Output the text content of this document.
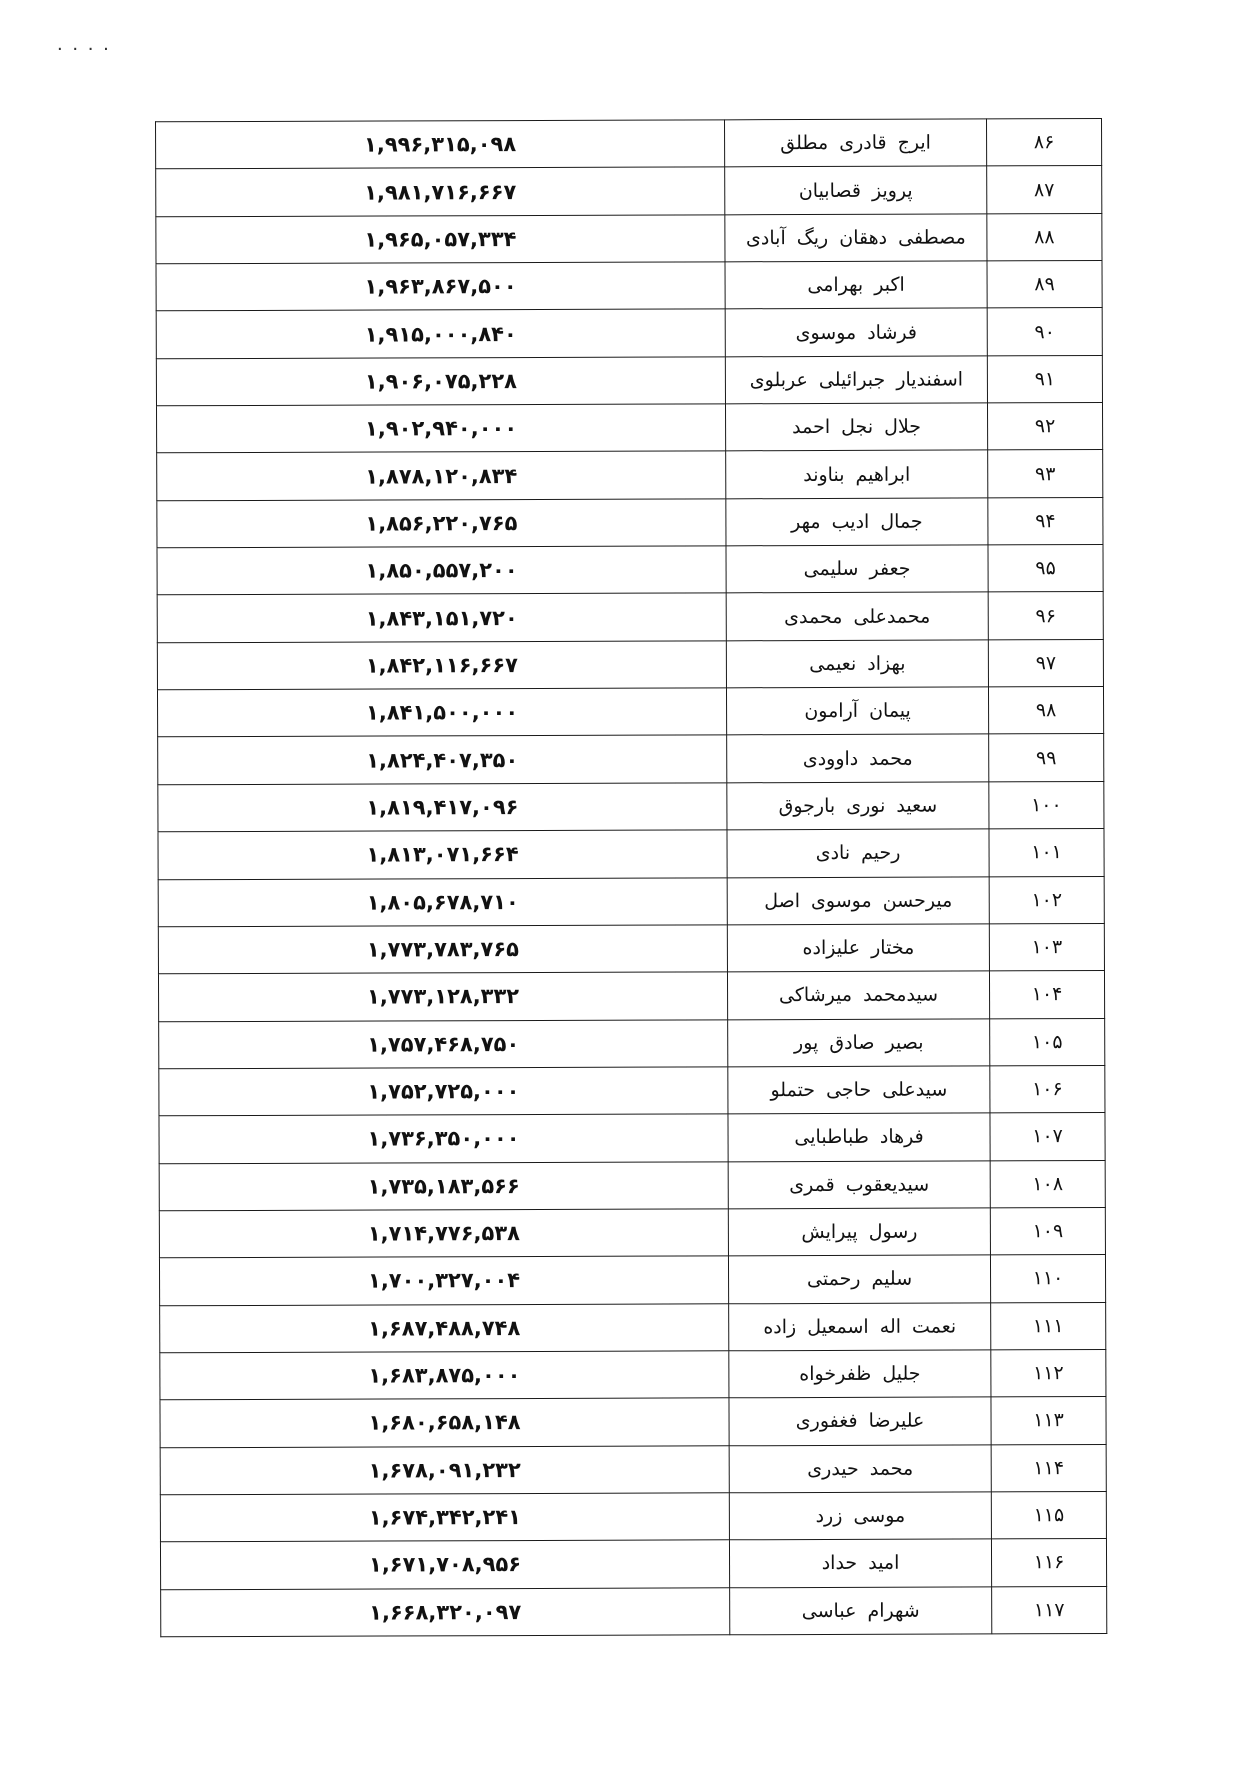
۰ ۰ ۰ ۰
۸۶	ایرج قادری مطلق	۱,۹۹۶,۳۱۵,۰۹۸
۸۷	پرویز قصابیان	۱,۹۸۱,۷۱۶,۶۶۷
۸۸	مصطفی دهقان ریگ آبادی	۱,۹۶۵,۰۵۷,۳۳۴
۸۹	اکبر بهرامی	۱,۹۶۳,۸۶۷,۵۰۰
۹۰	فرشاد موسوی	۱,۹۱۵,۰۰۰,۸۴۰
۹۱	اسفندیار جبرائیلی عربلوی	۱,۹۰۶,۰۷۵,۲۲۸
۹۲	جلال نجل احمد	۱,۹۰۲,۹۴۰,۰۰۰
۹۳	ابراهیم بناوند	۱,۸۷۸,۱۲۰,۸۳۴
۹۴	جمال ادیب مهر	۱,۸۵۶,۲۲۰,۷۶۵
۹۵	جعفر سلیمی	۱,۸۵۰,۵۵۷,۲۰۰
۹۶	محمدعلی محمدی	۱,۸۴۳,۱۵۱,۷۲۰
۹۷	بهزاد نعیمی	۱,۸۴۲,۱۱۶,۶۶۷
۹۸	پیمان آرامون	۱,۸۴۱,۵۰۰,۰۰۰
۹۹	محمد داوودی	۱,۸۲۴,۴۰۷,۳۵۰
۱۰۰	سعید نوری بارجوق	۱,۸۱۹,۴۱۷,۰۹۶
۱۰۱	رحیم نادی	۱,۸۱۳,۰۷۱,۶۶۴
۱۰۲	میرحسن موسوی اصل	۱,۸۰۵,۶۷۸,۷۱۰
۱۰۳	مختار علیزاده	۱,۷۷۳,۷۸۳,۷۶۵
۱۰۴	سیدمحمد میرشاکی	۱,۷۷۳,۱۲۸,۳۳۲
۱۰۵	بصیر صادق پور	۱,۷۵۷,۴۶۸,۷۵۰
۱۰۶	سیدعلی حاجی حتملو	۱,۷۵۲,۷۲۵,۰۰۰
۱۰۷	فرهاد طباطبایی	۱,۷۳۶,۳۵۰,۰۰۰
۱۰۸	سیدیعقوب قمری	۱,۷۳۵,۱۸۳,۵۶۶
۱۰۹	رسول پیرایش	۱,۷۱۴,۷۷۶,۵۳۸
۱۱۰	سلیم رحمتی	۱,۷۰۰,۳۲۷,۰۰۴
۱۱۱	نعمت اله اسمعیل زاده	۱,۶۸۷,۴۸۸,۷۴۸
۱۱۲	جلیل ظفرخواه	۱,۶۸۳,۸۷۵,۰۰۰
۱۱۳	علیرضا فغفوری	۱,۶۸۰,۶۵۸,۱۴۸
۱۱۴	محمد حیدری	۱,۶۷۸,۰۹۱,۲۳۲
۱۱۵	موسی زرد	۱,۶۷۴,۳۴۲,۲۴۱
۱۱۶	امید حداد	۱,۶۷۱,۷۰۸,۹۵۶
۱۱۷	شهرام عباسی	۱,۶۶۸,۳۲۰,۰۹۷
